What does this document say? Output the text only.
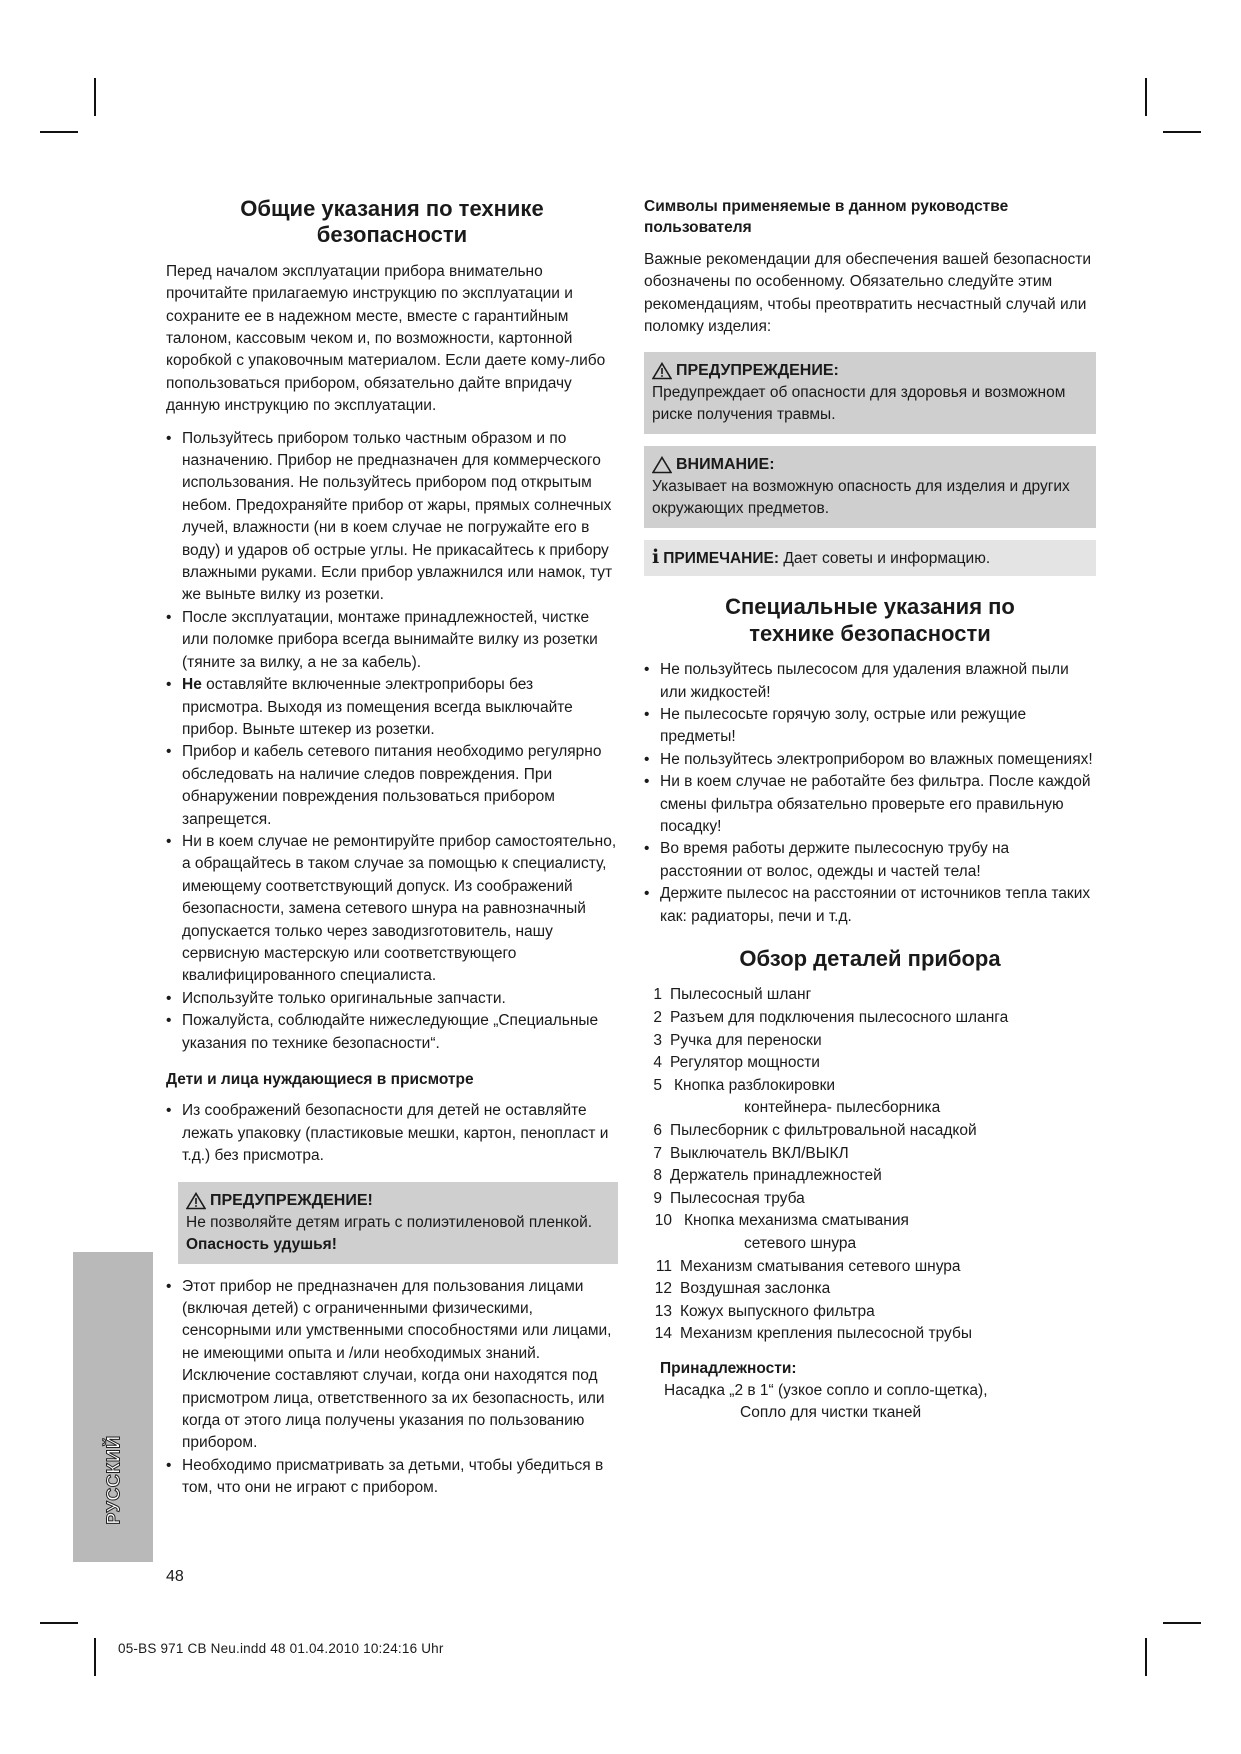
Общие указания по технике безопасности
Перед началом эксплуатации прибора внимательно прочитайте прилагаемую инструкцию по эксплуатации и сохраните ее в надежном месте, вместе с гарантийным талоном, кассовым чеком и, по возможности, картонной коробкой с упаковочным материалом. Если даете кому-либо попользоваться прибором, обязательно дайте впридачу данную инструкцию по эксплуатации.
• Пользуйтесь прибором только частным образом и по назначению. Прибор не предназначен для коммерческого использования. Не пользуйтесь прибором под открытым небом. Предохраняйте прибор от жары, прямых солнечных лучей, влажности (ни в коем случае не погружайте его в воду) и ударов об острые углы. Не прикасайтесь к прибору влажными руками. Если прибор увлажнился или намок, тут же выньте вилку из розетки.
• После эксплуатации, монтаже принадлежностей, чистке или поломке прибора всегда вынимайте вилку из розетки (тяните за вилку, а не за кабель).
• Не оставляйте включенные электроприборы без присмотра. Выходя из помещения всегда выключайте прибор. Выньте штекер из розетки.
• Прибор и кабель сетевого питания необходимо регулярно обследовать на наличие следов повреждения. При обнаружении повреждения пользоваться прибором запрещется.
• Ни в коем случае не ремонтируйте прибор самостоятельно, а обращайтесь в таком случае за помощью к специалисту, имеющему соответствующий допуск. Из соображений безопасности, замена сетевого шнура на равнозначный допускается только через заводизготовитель, нашу сервисную мастерскую или соответствующего квалифицированного специалиста.
• Используйте только оригинальные запчасти.
• Пожалуйста, соблюдайте нижеследующие „Специальные указания по технике безопасности“.
Дети и лица нуждающиеся в присмотре
• Из соображений безопасности для детей не оставляйте лежать упаковку (пластиковые мешки, картон, пенопласт и т.д.) без присмотра.
ПРЕДУПРЕЖДЕНИЕ!
Не позволяйте детям играть с полиэтиленовой пленкой. Опасность удушья!
• Этот прибор не предназначен для пользования лицами (включая детей) с ограниченными физическими, сенсорными или умственными способностями или лицами, не имеющими опыта и /или необходимых знаний. Исключение составляют случаи, когда они находятся под присмотром лица, ответственного за их безопасность, или когда от этого лица получены указания по пользованию прибором.
• Необходимо присматривать за детьми, чтобы убедиться в том, что они не играют с прибором.
Символы применяемые в данном руководстве пользователя
Важные рекомендации для обеспечения вашей безопасности обозначены по особенному. Обязательно следуйте этим рекомендациям, чтобы преотвратить несчастный случай или поломку изделия:
ПРЕДУПРЕЖДЕНИЕ:
Предупреждает об опасности для здоровья и возможном риске получения травмы.
ВНИМАНИЕ:
Указывает на возможную опасность для изделия и других окружающих предметов.
i ПРИМЕЧАНИЕ: Дает советы и информацию.
Специальные указания по технике безопасности
• Не пользуйтесь пылесосом для удаления влажной пыли или жидкостей!
• Не пылесосьте горячую золу, острые или режущие предметы!
• Не пользуйтесь электроприбором во влажных помещениях!
• Ни в коем случае не работайте без фильтра. После каждой смены фильтра обязательно проверьте его правильную посадку!
• Во время работы держите пылесосную трубу на расстоянии от волос, одежды и частей тела!
• Держите пылесос на расстоянии от источников тепла таких как: радиаторы, печи и т.д.
Обзор деталей прибора
1 Пылесосный шланг
2 Разъем для подключения пылесосного шланга
3 Ручка для переноски
4 Регулятор мощности
5 Кнопка разблокировки
контейнера- пылесборника
6 Пылесборник с фильтровальной насадкой
7 Выключатель ВКЛ/ВЫКЛ
8 Держатель принадлежностей
9 Пылесосная труба
10 Кнопка механизма сматывания
сетевого шнура
11 Механизм сматывания сетевого шнура
12 Воздушная заслонка
13 Кожух выпускного фильтра
14 Механизм крепления пылесосной трубы
Принадлежности:
Насадка „2 в 1“ (узкое сопло и сопло-щетка),
Сопло для чистки тканей
РУССКИЙ
48
05-BS 971 CB Neu.indd 48 01.04.2010 10:24:16 Uhr
